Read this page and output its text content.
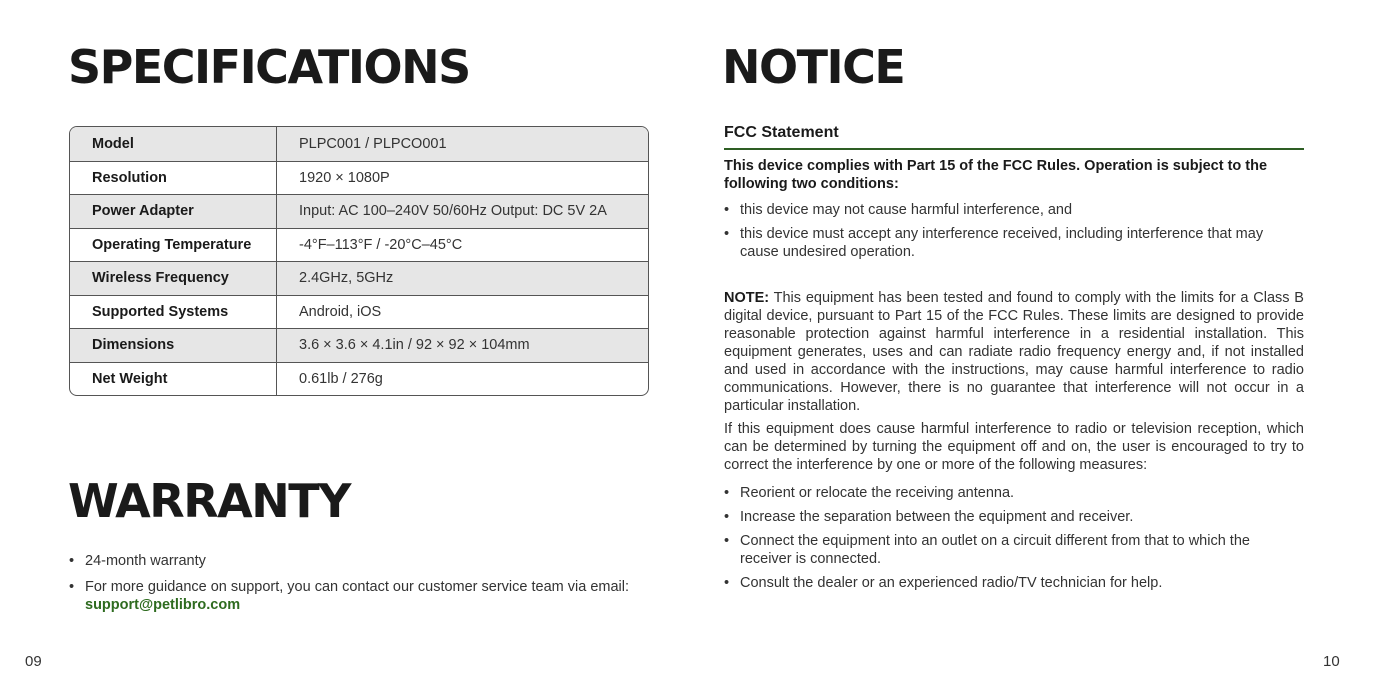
SPECIFICATIONS
Model	PLPC001 / PLPCO001
Resolution	1920 × 1080P
Power Adapter	Input: AC 100–240V 50/60Hz Output: DC 5V 2A
Operating Temperature	-4°F–113°F / -20°C–45°C
Wireless Frequency	2.4GHz, 5GHz
Supported Systems	Android, iOS
Dimensions	3.6 × 3.6 × 4.1in / 92 × 92 × 104mm
Net Weight	0.61lb / 276g
WARRANTY
• 24-month warranty
• For more guidance on support, you can contact our customer service team via email: support@petlibro.com
09
NOTICE
FCC Statement
This device complies with Part 15 of the FCC Rules. Operation is subject to the following two conditions:
• this device may not cause harmful interference, and
• this device must accept any interference received, including interference that may cause undesired operation.
NOTE: This equipment has been tested and found to comply with the limits for a Class B digital device, pursuant to Part 15 of the FCC Rules. These limits are designed to provide reasonable protection against harmful interference in a residential installation. This equipment generates, uses and can radiate radio frequency energy and, if not installed and used in accordance with the instructions, may cause harmful interference to radio communications. However, there is no guarantee that interference will not occur in a particular installation.
If this equipment does cause harmful interference to radio or television reception, which can be determined by turning the equipment off and on, the user is encouraged to try to correct the interference by one or more of the following measures:
• Reorient or relocate the receiving antenna.
• Increase the separation between the equipment and receiver.
• Connect the equipment into an outlet on a circuit different from that to which the receiver is connected.
• Consult the dealer or an experienced radio/TV technician for help.
10
